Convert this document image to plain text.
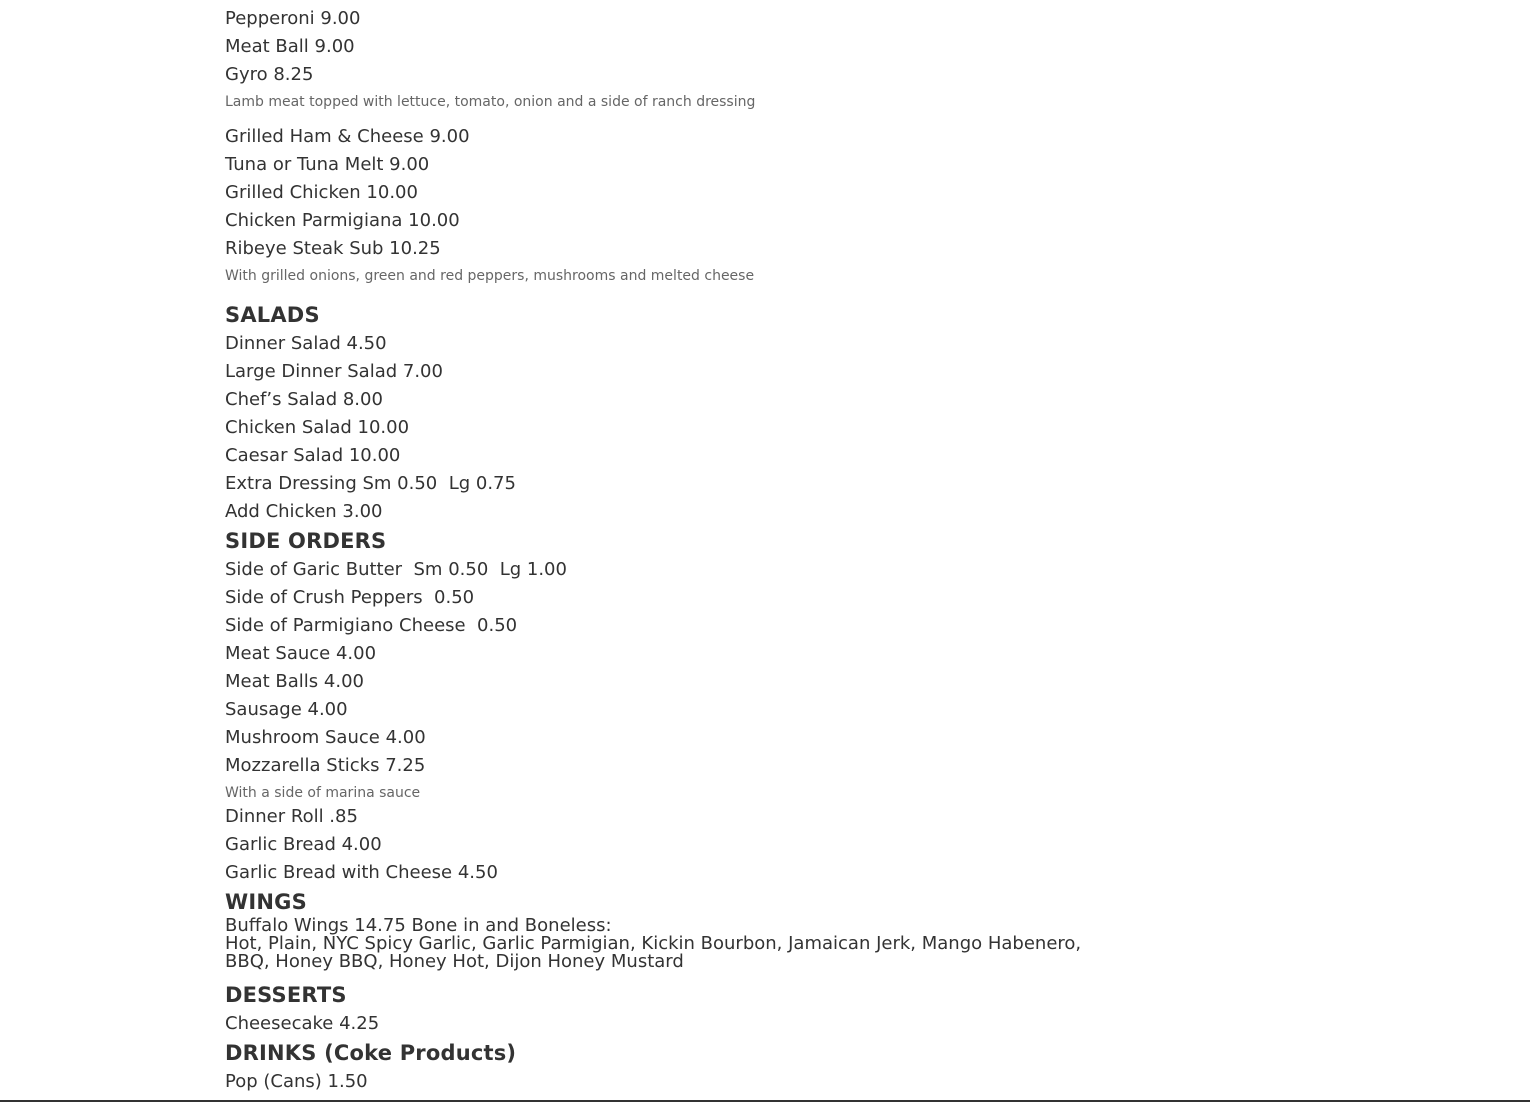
Pepperoni 9.00
Meat Ball 9.00
Gyro 8.25
Lamb meat topped with lettuce, tomato, onion and a side of ranch dressing
Grilled Ham & Cheese 9.00
Tuna or Tuna Melt 9.00
Grilled Chicken 10.00
Chicken Parmigiana 10.00
Ribeye Steak Sub 10.25
With grilled onions, green and red peppers, mushrooms and melted cheese
SALADS
Dinner Salad 4.50
Large Dinner Salad 7.00
Chef’s Salad 8.00
Chicken Salad 10.00
Caesar Salad 10.00
Extra Dressing Sm 0.50  Lg 0.75
Add Chicken 3.00
SIDE ORDERS
Side of Garic Butter  Sm 0.50  Lg 1.00
Side of Crush Peppers  0.50
Side of Parmigiano Cheese  0.50
Meat Sauce 4.00
Meat Balls 4.00
Sausage 4.00
Mushroom Sauce 4.00
Mozzarella Sticks 7.25
With a side of marina sauce
Dinner Roll .85
Garlic Bread 4.00
Garlic Bread with Cheese 4.50
WINGS
Buffalo Wings 14.75 Bone in and Boneless:
Hot, Plain, NYC Spicy Garlic, Garlic Parmigian, Kickin Bourbon, Jamaican Jerk, Mango Habenero,
BBQ, Honey BBQ, Honey Hot, Dijon Honey Mustard
DESSERTS
Cheesecake 4.25
DRINKS (Coke Products)
Pop (Cans) 1.50
